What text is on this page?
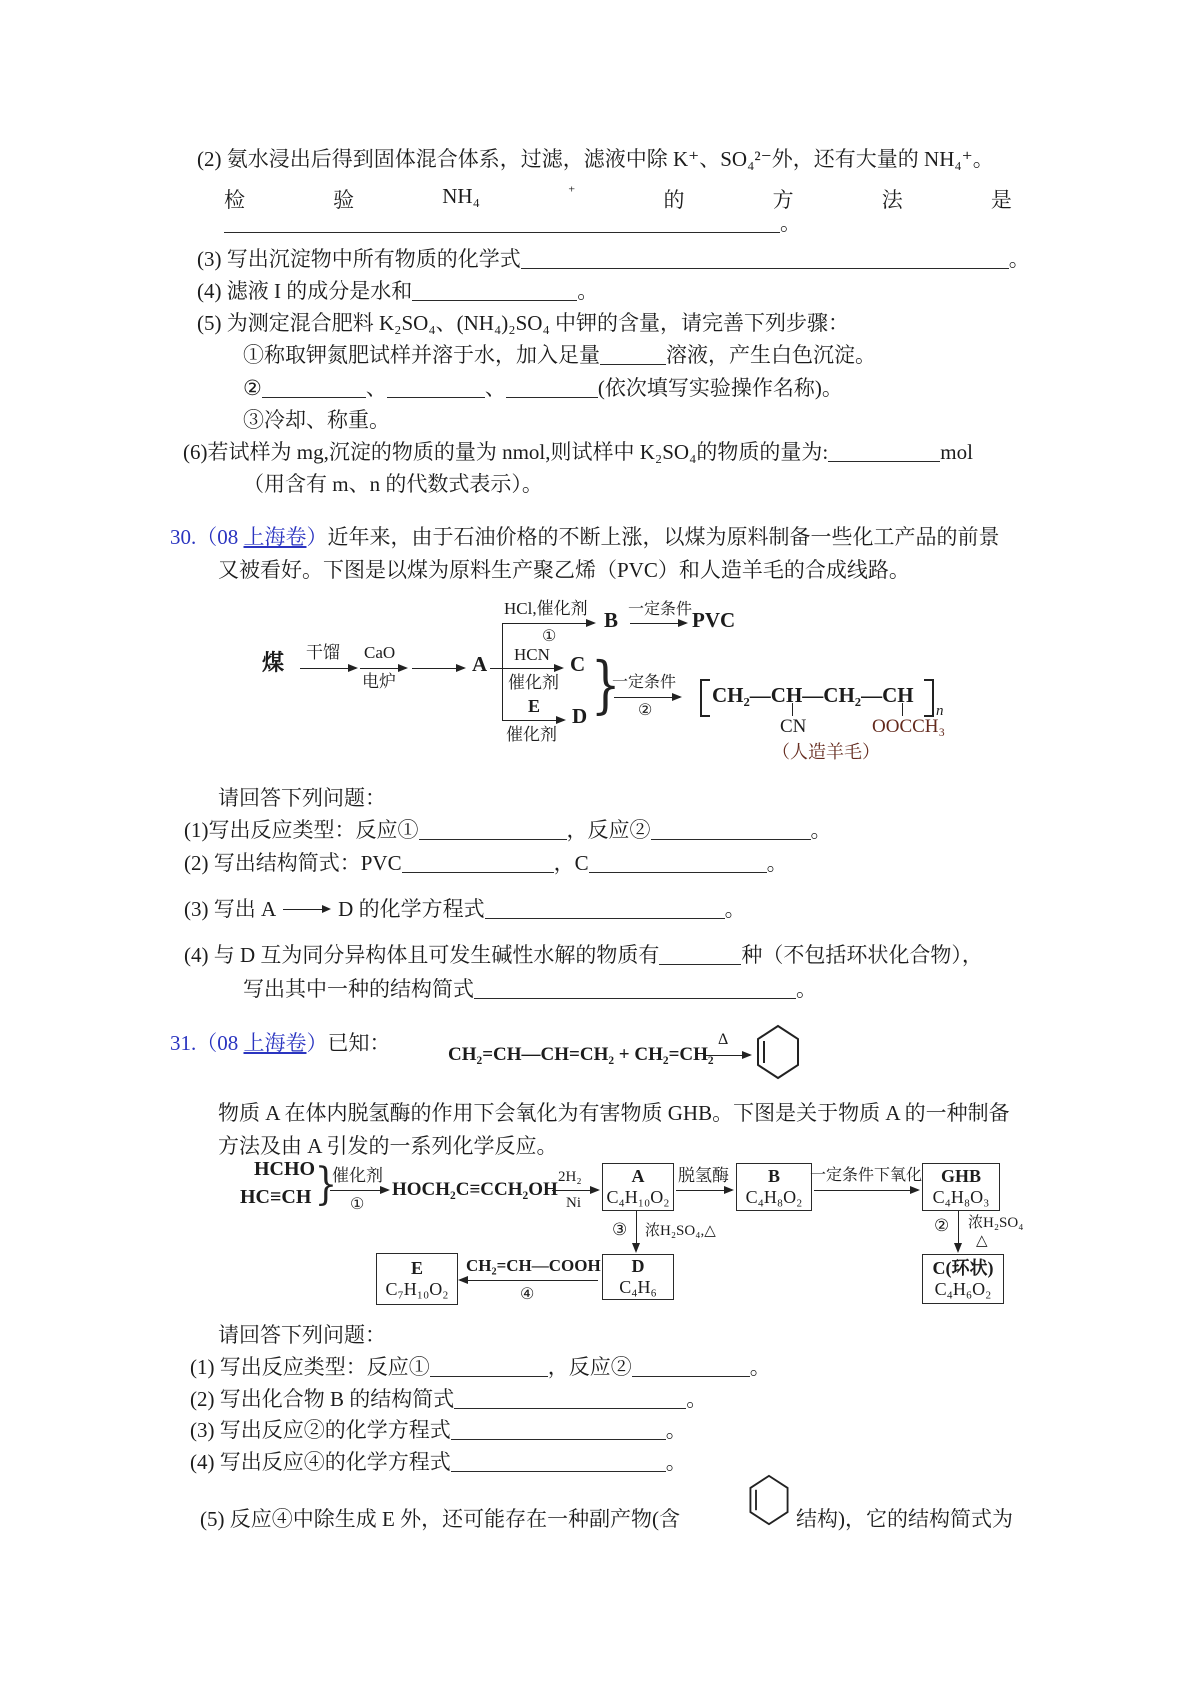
(2) 氨水浸出后得到固体混合体系，过滤，滤液中除 K⁺、SO₄²⁻外，还有大量的 NH₄⁺。
检	验	NH₄	⁺	的	方	法	是
。
(3) 写出沉淀物中所有物质的化学式	。
(4) 滤液 I 的成分是水和	。
(5) 为测定混合肥料 K₂SO₄、(NH₄)₂SO₄ 中钾的含量，请完善下列步骤：
①称取钾氮肥试样并溶于水，加入足量	溶液，产生白色沉淀。
②	、	、	(依次填写实验操作名称)。
③冷却、称重。
(6)若试样为 mg,沉淀的物质的量为 nmol,则试样中 K₂SO₄的物质的量为:	mol
（用含有 m、n 的代数式表示）。
30.（08 上海卷）近年来，由于石油价格的不断上涨，以煤为原料制备一些化工产品的前景
又被看好。下图是以煤为原料生产聚乙烯（PVC）和人造羊毛的合成线路。
煤 干馏 CaO
电炉
A
HCl,催化剂
①
B 一定条件 PVC
HCN
催化剂
C
E
催化剂
D }
一定条件
②
CH₂—CH—CH₂—CH
n
CN	OOCCH₃
（人造羊毛）
请回答下列问题：
(1)写出反应类型：反应①	，反应②	。
(2) 写出结构简式：PVC	，C	。
(3) 写出 A	D 的化学方程式	。
(4) 与 D 互为同分异构体且可发生碱性水解的物质有	种（不包括环状化合物），
写出其中一种的结构简式	。
31.（08 上海卷）已知：	CH₂=CH—CH=CH₂ + CH₂=CH₂
Δ
物质 A 在体内脱氢酶的作用下会氧化为有害物质 GHB。下图是关于物质 A 的一种制备
方法及由 A 引发的一系列化学反应。
HCHO
HC≡CH }
催化剂
①
HOCH₂C≡CCH₂OH
2H₂
Ni
A
C₄H₁₀O₂
脱氢酶 B
C₄H₈O₂
一定条件下氧化 GHB
C₄H₈O₃
③ 浓H₂SO₄,△
D
C₄H₆
② 浓H₂SO₄
△
C(环状)
C₄H₆O₂
CH₂=CH—COOH
④
E
C₇H₁₀O₂
请回答下列问题：
(1) 写出反应类型：反应①	，反应②	。
(2) 写出化合物 B 的结构简式	。
(3) 写出反应②的化学方程式	。
(4) 写出反应④的化学方程式	。
(5) 反应④中除生成 E 外，还可能存在一种副产物(含	结构)，它的结构简式为
